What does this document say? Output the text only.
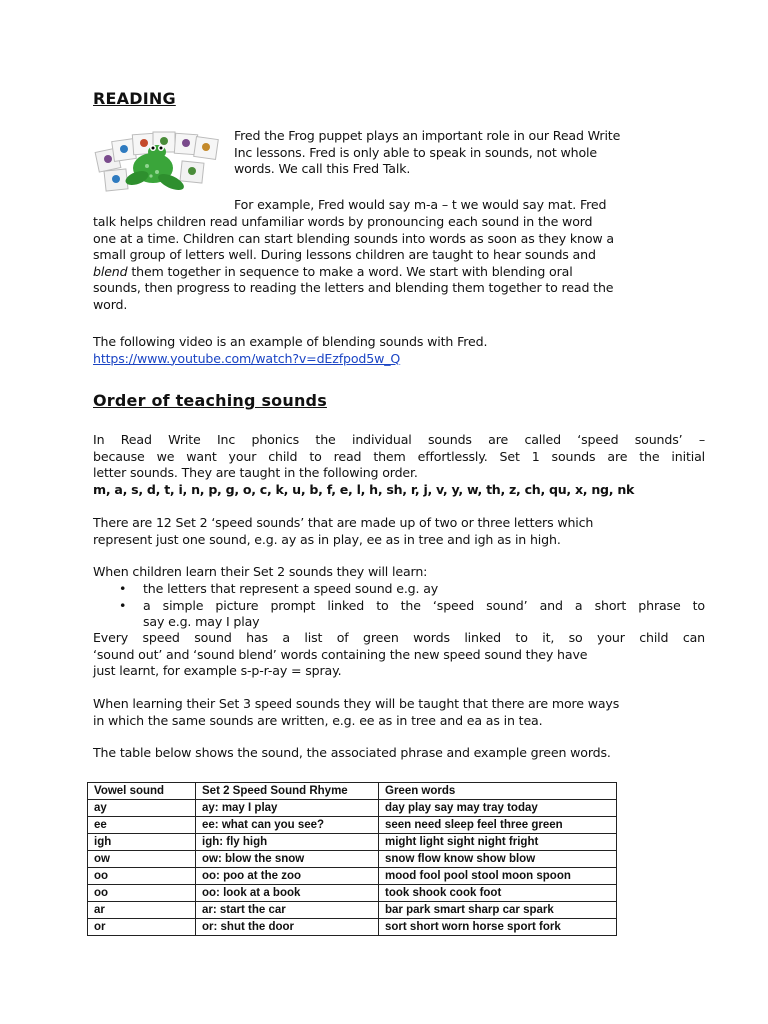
READING

Fred the Frog puppet plays an important role in our Read Write
Inc lessons. Fred is only able to speak in sounds, not whole
words. We call this Fred Talk.

For example, Fred would say m-a – t we would say mat. Fred

talk helps children read unfamiliar words by pronouncing each sound in the word
one at a time. Children can start blending sounds into words as soon as they know a
small group of letters well. During lessons children are taught to hear sounds and
blend them together in sequence to make a word. We start with blending oral
sounds, then progress to reading the letters and blending them together to read the
word.

The following video is an example of blending sounds with Fred.
https://www.youtube.com/watch?v=dEzfpod5w_Q

Order of teaching sounds

In Read Write Inc phonics the individual sounds are called ‘speed sounds’ –
because we want your child to read them effortlessly. Set 1 sounds are the initial
letter sounds. They are taught in the following order.
m, a, s, d, t, i, n, p, g, o, c, k, u, b, f, e, l, h, sh, r, j, v, y, w, th, z, ch, qu, x, ng, nk

There are 12 Set 2 ‘speed sounds’ that are made up of two or three letters which
represent just one sound, e.g. ay as in play, ee as in tree and igh as in high.

When children learn their Set 2 sounds they will learn:

• the letters that represent a speed sound e.g. ay
• a simple picture prompt linked to the ‘speed sound’ and a short phrase to
say e.g. may I play

Every speed sound has a list of green words linked to it, so your child can
‘sound out’ and ‘sound blend’ words containing the new speed sound they have
just learnt, for example s-p-r-ay = spray.

When learning their Set 3 speed sounds they will be taught that there are more ways
in which the same sounds are written, e.g. ee as in tree and ea as in tea.

The table below shows the sound, the associated phrase and example green words.

Vowel sound	Set 2 Speed Sound Rhyme	Green words
ay	ay: may I play	day play say may tray today
ee	ee: what can you see?	seen need sleep feel three green
igh	igh: fly high	might light sight night fright
ow	ow: blow the snow	snow flow know show blow
oo	oo: poo at the zoo	mood fool pool stool moon spoon
oo	oo: look at a book	took shook cook foot
ar	ar: start the car	bar park smart sharp car spark
or	or: shut the door	sort short worn horse sport fork
